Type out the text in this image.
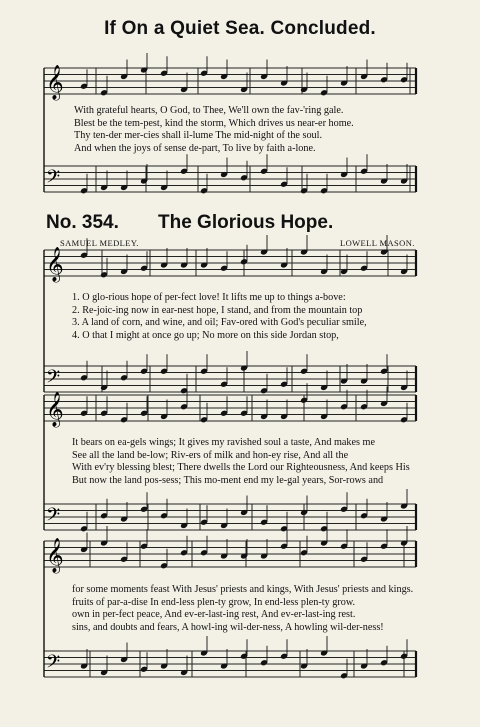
If On a Quiet Sea. Concluded.
𝄞
𝄢
𝄞
𝄢
𝄞
𝄢
𝄞
𝄢
With grateful hearts, O God, to Thee, We'll own the fav-'ring gale.
Blest be the tem-pest, kind the storm, Which drives us near-er home.
Thy ten-der mer-cies shall il-lume The mid-night of the soul.
And when the joys of sense de-part, To live by faith a-lone.
No. 354. The Glorious Hope.
SAMUEL MEDLEY.	LOWELL MASON.
1. O glo-rious hope of per-fect love! It lifts me up to things a-bove:
2. Re-joic-ing now in ear-nest hope, I stand, and from the mountain top
3. A land of corn, and wine, and oil; Fav-ored with God's peculiar smile,
4. O that I might at once go up; No more on this side Jordan stop,
It bears on ea-gels wings; It gives my ravished soul a taste, And makes me
See all the land be-low; Riv-ers of milk and hon-ey rise, And all the
With ev'ry blessing blest; There dwells the Lord our Righteousness, And keeps His
But now the land pos-sess; This mo-ment end my le-gal years, Sor-rows and
for some moments feast With Jesus' priests and kings, With Jesus' priests and kings.
fruits of par-a-dise In end-less plen-ty grow, In end-less plen-ty grow.
own in per-fect peace, And ev-er-last-ing rest, And ev-er-last-ing rest.
sins, and doubts and fears, A howl-ing wil-der-ness, A howling wil-der-ness!
